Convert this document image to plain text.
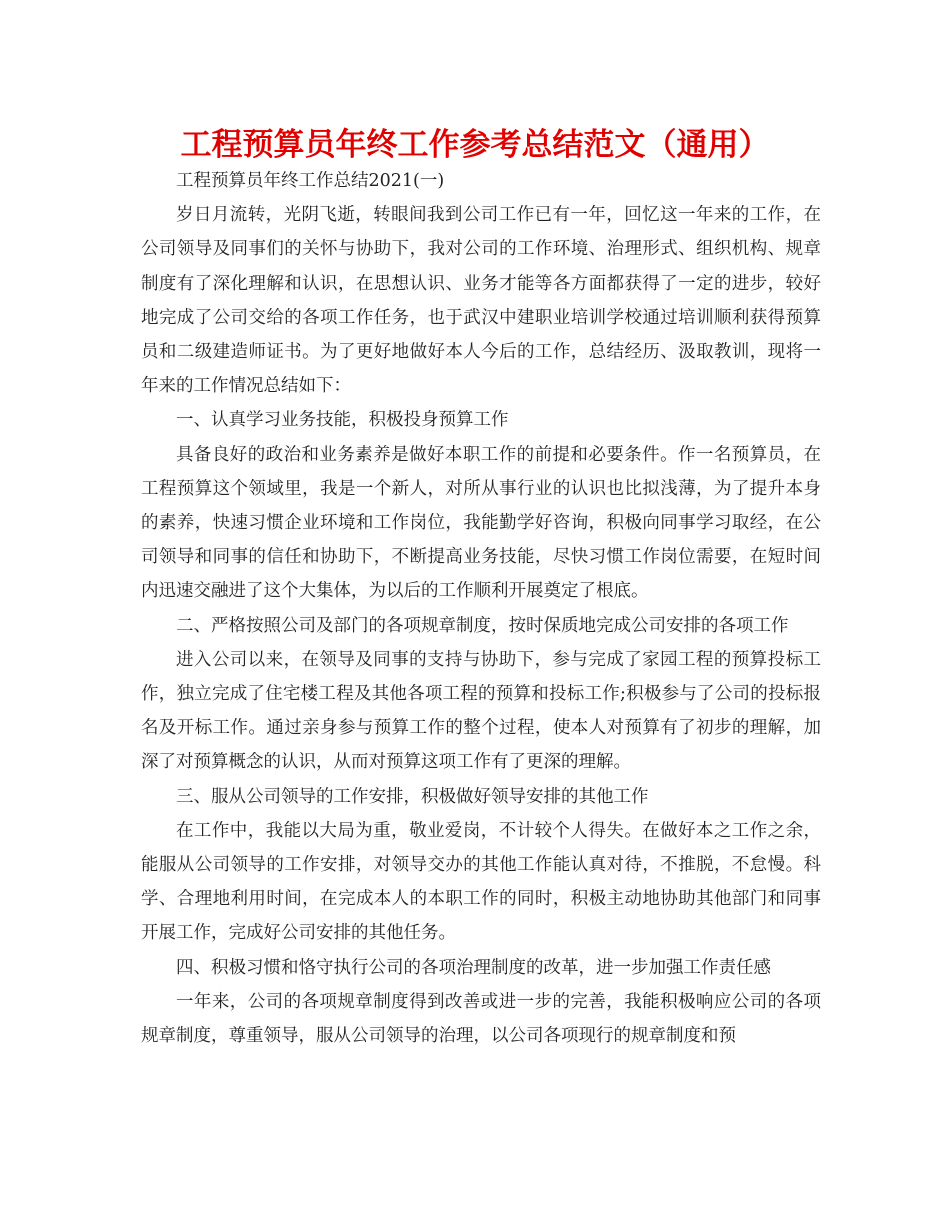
工程预算员年终工作参考总结范文（通用）

工程预算员年终工作总结2021(一)

岁日月流转，光阴飞逝，转眼间我到公司工作已有一年，回忆这一年来的工作，在公司领导及同事们的关怀与协助下，我对公司的工作环境、治理形式、组织机构、规章制度有了深化理解和认识，在思想认识、业务才能等各方面都获得了一定的进步，较好地完成了公司交给的各项工作任务，也于武汉中建职业培训学校通过培训顺利获得预算员和二级建造师证书。为了更好地做好本人今后的工作，总结经历、汲取教训，现将一年来的工作情况总结如下：

一、认真学习业务技能，积极投身预算工作

具备良好的政治和业务素养是做好本职工作的前提和必要条件。作一名预算员，在工程预算这个领域里，我是一个新人，对所从事行业的认识也比拟浅薄，为了提升本身的素养，快速习惯企业环境和工作岗位，我能勤学好咨询，积极向同事学习取经，在公司领导和同事的信任和协助下，不断提高业务技能，尽快习惯工作岗位需要，在短时间内迅速交融进了这个大集体，为以后的工作顺利开展奠定了根底。

二、严格按照公司及部门的各项规章制度，按时保质地完成公司安排的各项工作

进入公司以来，在领导及同事的支持与协助下，参与完成了家园工程的预算投标工作，独立完成了住宅楼工程及其他各项工程的预算和投标工作;积极参与了公司的投标报名及开标工作。通过亲身参与预算工作的整个过程，使本人对预算有了初步的理解，加深了对预算概念的认识，从而对预算这项工作有了更深的理解。

三、服从公司领导的工作安排，积极做好领导安排的其他工作

在工作中，我能以大局为重，敬业爱岗，不计较个人得失。在做好本之工作之余，能服从公司领导的工作安排，对领导交办的其他工作能认真对待，不推脱，不怠慢。科学、合理地利用时间，在完成本人的本职工作的同时，积极主动地协助其他部门和同事开展工作，完成好公司安排的其他任务。

四、积极习惯和恪守执行公司的各项治理制度的改革，进一步加强工作责任感

一年来，公司的各项规章制度得到改善或进一步的完善，我能积极响应公司的各项规章制度，尊重领导，服从公司领导的治理，以公司各项现行的规章制度和预
